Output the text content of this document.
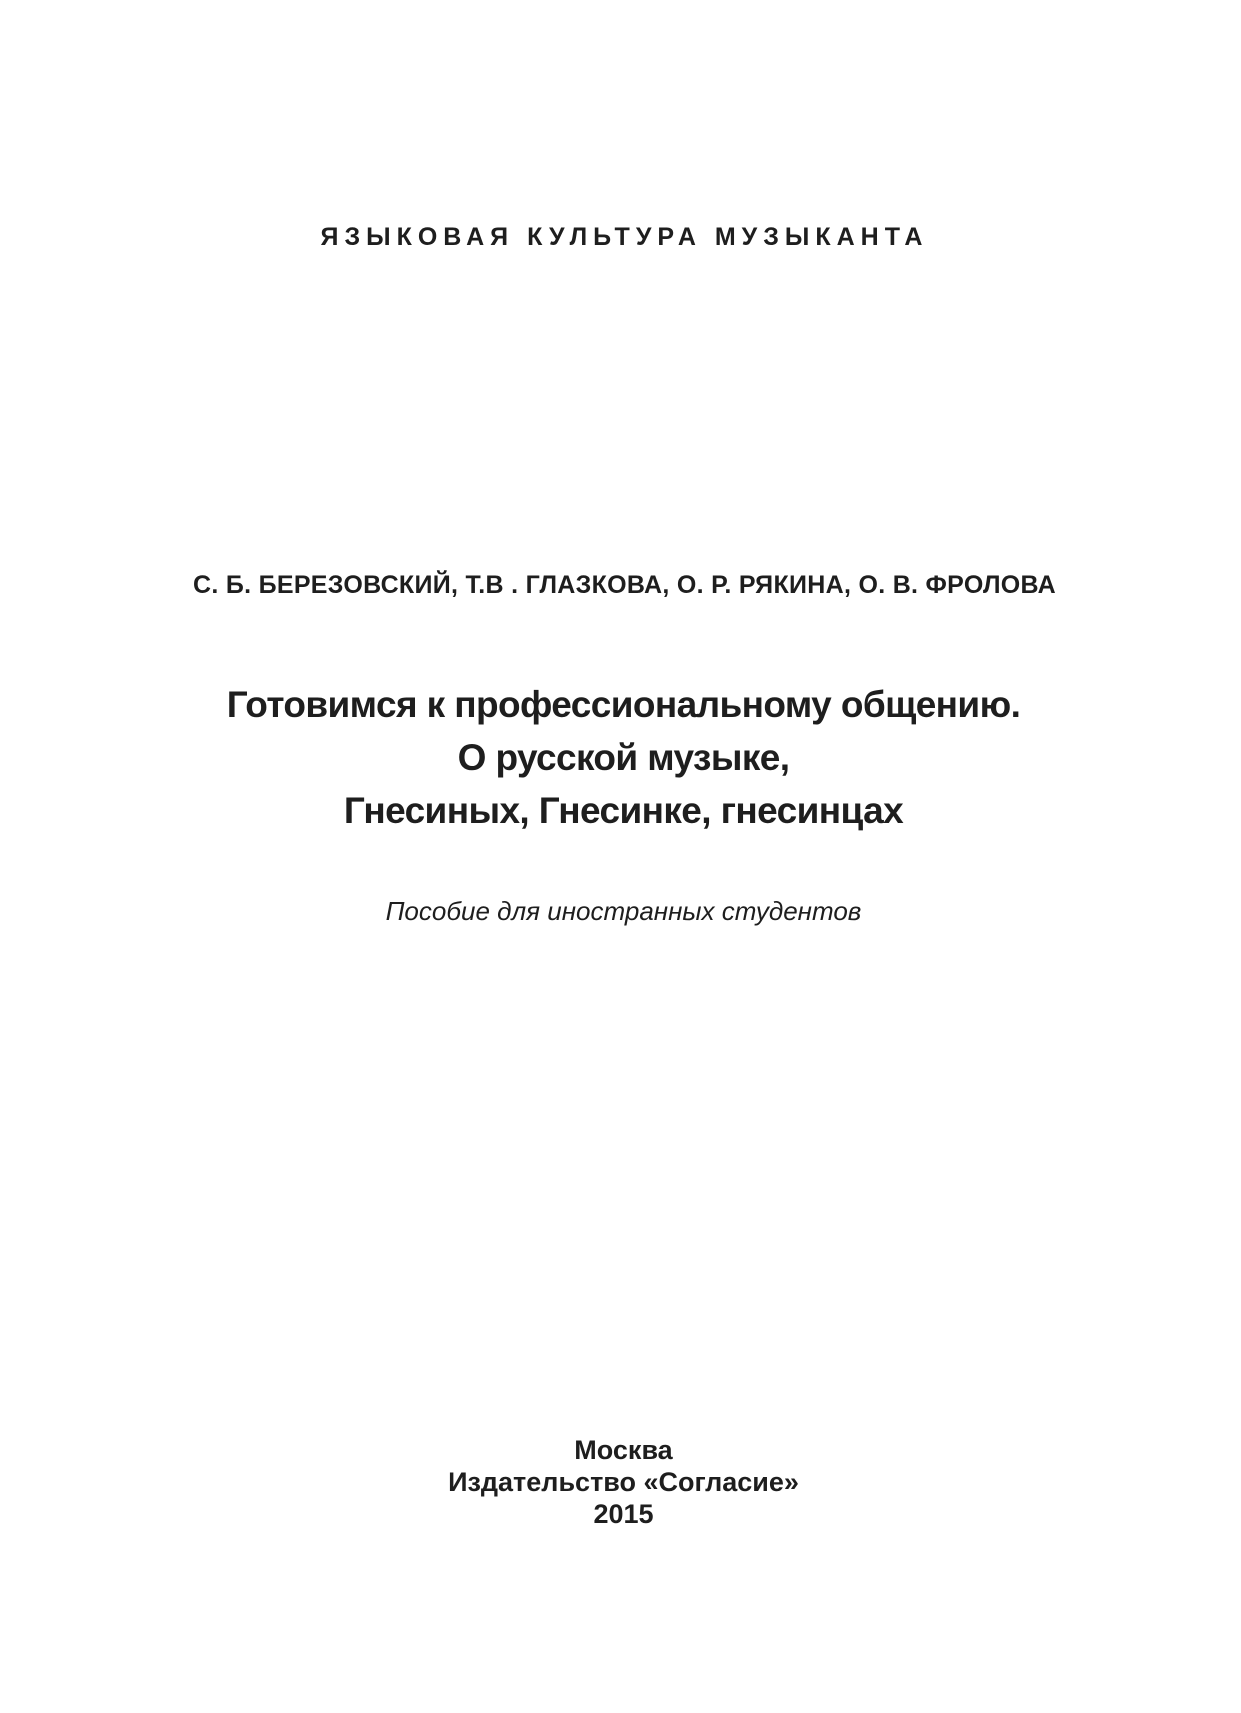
ЯЗЫКОВАЯ КУЛЬТУРА МУЗЫКАНТА
С. Б. БЕРЕЗОВСКИЙ, Т.В . ГЛАЗКОВА, О. Р. РЯКИНА, О. В. ФРОЛОВА
Готовимся к профессиональному общению.
О русской музыке,
Гнесиных, Гнесинке, гнесинцах
Пособие для иностранных студентов
Москва
Издательство «Согласие»
2015
